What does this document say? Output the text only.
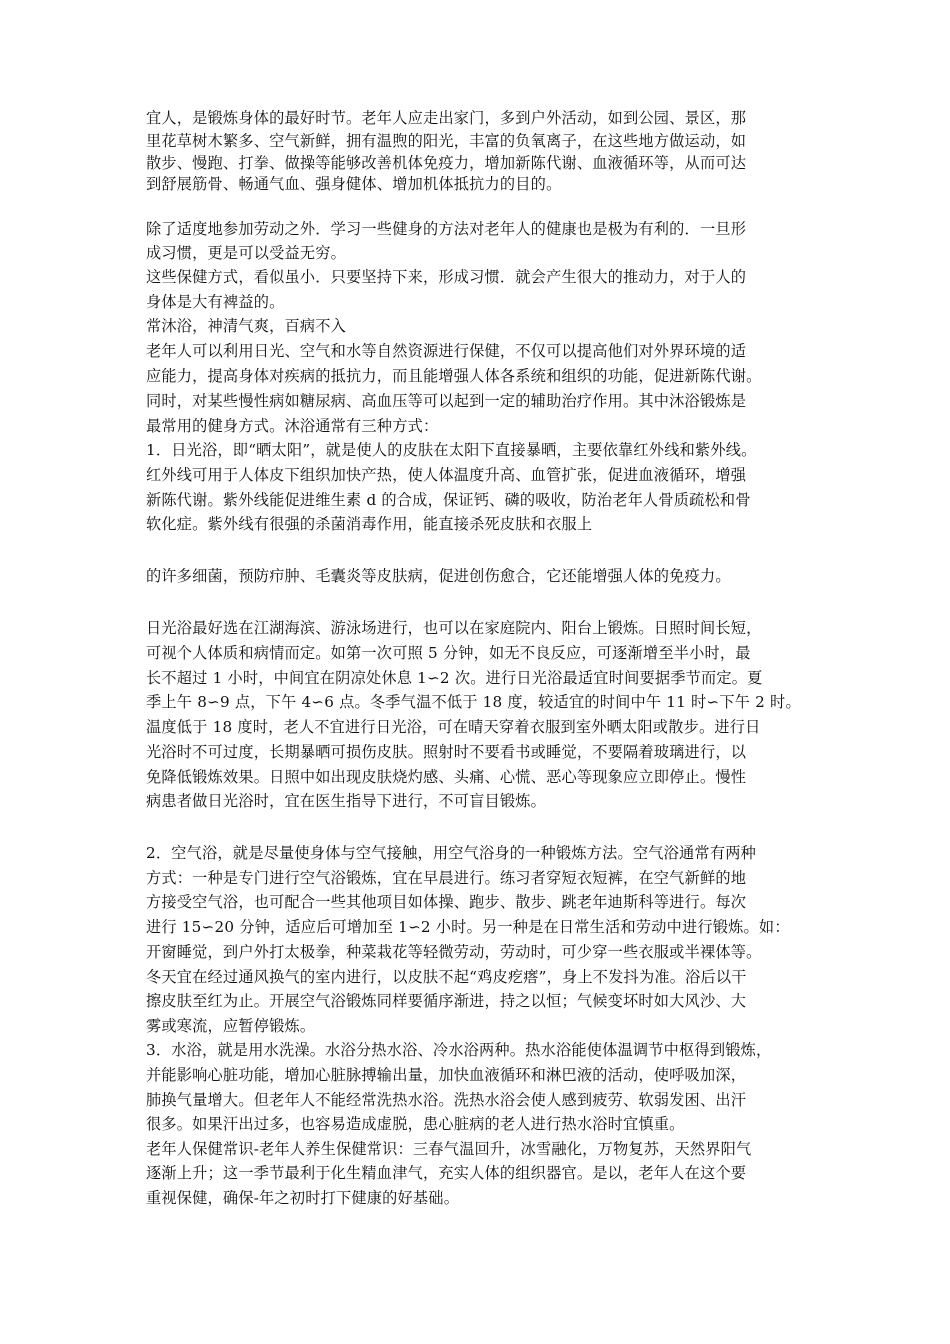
宜人，是锻炼身体的最好时节。老年人应走出家门，多到户外活动，如到公园、景区，那
里花草树木繁多、空气新鲜，拥有温煦的阳光，丰富的负氧离子，在这些地方做运动，如
散步、慢跑、打拳、做操等能够改善机体免疫力，增加新陈代谢、血液循环等，从而可达
到舒展筋骨、畅通气血、强身健体、增加机体抵抗力的目的。
除了适度地参加劳动之外．学习一些健身的方法对老年人的健康也是极为有利的．一旦形
成习惯，更是可以受益无穷。
这些保健方式，看似虽小．只要坚持下来，形成习惯．就会产生很大的推动力，对于人的
身体是大有裨益的。
常沐浴，神清气爽，百病不入
老年人可以利用日光、空气和水等自然资源进行保健，不仅可以提高他们对外界环境的适
应能力，提高身体对疾病的抵抗力，而且能增强人体各系统和组织的功能，促进新陈代谢。
同时，对某些慢性病如糖尿病、高血压等可以起到一定的辅助治疗作用。其中沐浴锻炼是
最常用的健身方式。沐浴通常有三种方式：
1．日光浴，即“晒太阳”，就是使人的皮肤在太阳下直接暴晒，主要依靠红外线和紫外线。
红外线可用于人体皮下组织加快产热，使人体温度升高、血管扩张，促进血液循环，增强
新陈代谢。紫外线能促进维生素 d 的合成，保证钙、磷的吸收，防治老年人骨质疏松和骨
软化症。紫外线有很强的杀菌消毒作用，能直接杀死皮肤和衣服上
的许多细菌，预防疖肿、毛囊炎等皮肤病，促进创伤愈合，它还能增强人体的免疫力。
日光浴最好选在江湖海滨、游泳场进行，也可以在家庭院内、阳台上锻炼。日照时间长短，
可视个人体质和病情而定。如第一次可照 5 分钟，如无不良反应，可逐渐增至半小时，最
长不超过 1 小时，中间宜在阴凉处休息 1∽2 次。进行日光浴最适宜时间要据季节而定。夏
季上午 8∽9 点，下午 4∽6 点。冬季气温不低于 18 度，较适宜的时间中午 11 时∽下午 2 时。
温度低于 18 度时，老人不宜进行日光浴，可在晴天穿着衣服到室外晒太阳或散步。进行日
光浴时不可过度，长期暴晒可损伤皮肤。照射时不要看书或睡觉，不要隔着玻璃进行，以
免降低锻炼效果。日照中如出现皮肤烧灼感、头痛、心慌、恶心等现象应立即停止。慢性
病患者做日光浴时，宜在医生指导下进行，不可盲目锻炼。
2．空气浴，就是尽量使身体与空气接触，用空气浴身的一种锻炼方法。空气浴通常有两种
方式：一种是专门进行空气浴锻炼，宜在早晨进行。练习者穿短衣短裤，在空气新鲜的地
方接受空气浴，也可配合一些其他项目如体操、跑步、散步、跳老年迪斯科等进行。每次
进行 15∽20 分钟，适应后可增加至 1∽2 小时。另一种是在日常生活和劳动中进行锻炼。如：
开窗睡觉，到户外打太极拳，种菜栽花等轻微劳动，劳动时，可少穿一些衣服或半裸体等。
冬天宜在经过通风换气的室内进行，以皮肤不起“鸡皮疙瘩”，身上不发抖为准。浴后以干
擦皮肤至红为止。开展空气浴锻炼同样要循序渐进，持之以恒；气候变坏时如大风沙、大
雾或寒流，应暂停锻炼。
3．水浴，就是用水洗澡。水浴分热水浴、冷水浴两种。热水浴能使体温调节中枢得到锻炼，
并能影响心脏功能，增加心脏脉搏输出量，加快血液循环和淋巴液的活动，使呼吸加深，
肺换气量增大。但老年人不能经常洗热水浴。洗热水浴会使人感到疲劳、软弱发困、出汗
很多。如果汗出过多，也容易造成虚脱，患心脏病的老人进行热水浴时宜慎重。
老年人保健常识-老年人养生保健常识：三春气温回升，冰雪融化，万物复苏，天然界阳气
逐渐上升；这一季节最利于化生精血津气，充实人体的组织器官。是以，老年人在这个要
重视保健，确保-年之初时打下健康的好基础。
